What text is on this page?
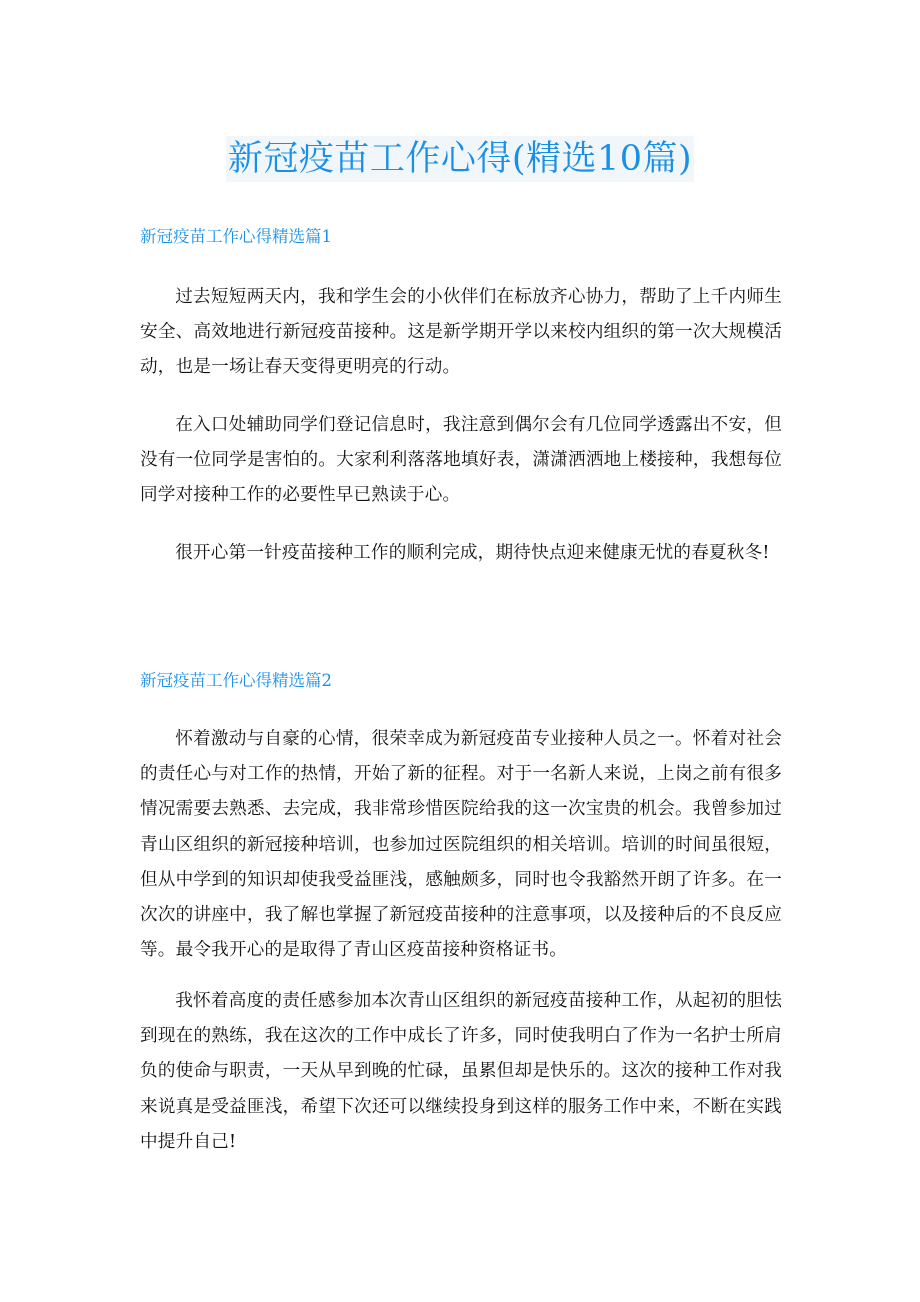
新冠疫苗工作心得(精选10篇)
新冠疫苗工作心得精选篇1

过去短短两天内，我和学生会的小伙伴们在标放齐心协力，帮助了上千内师生安全、高效地进行新冠疫苗接种。这是新学期开学以来校内组织的第一次大规模活动，也是一场让春天变得更明亮的行动。

在入口处辅助同学们登记信息时，我注意到偶尔会有几位同学透露出不安，但没有一位同学是害怕的。大家利利落落地填好表，潇潇洒洒地上楼接种，我想每位同学对接种工作的必要性早已熟读于心。

很开心第一针疫苗接种工作的顺利完成，期待快点迎来健康无忧的春夏秋冬!

新冠疫苗工作心得精选篇2

怀着激动与自豪的心情，很荣幸成为新冠疫苗专业接种人员之一。怀着对社会的责任心与对工作的热情，开始了新的征程。对于一名新人来说，上岗之前有很多情况需要去熟悉、去完成，我非常珍惜医院给我的这一次宝贵的机会。我曾参加过青山区组织的新冠接种培训，也参加过医院组织的相关培训。培训的时间虽很短，但从中学到的知识却使我受益匪浅，感触颇多，同时也令我豁然开朗了许多。在一次次的讲座中，我了解也掌握了新冠疫苗接种的注意事项，以及接种后的不良反应等。最令我开心的是取得了青山区疫苗接种资格证书。

我怀着高度的责任感参加本次青山区组织的新冠疫苗接种工作，从起初的胆怯到现在的熟练，我在这次的工作中成长了许多，同时使我明白了作为一名护士所肩负的使命与职责，一天从早到晚的忙碌，虽累但却是快乐的。这次的接种工作对我来说真是受益匪浅，希望下次还可以继续投身到这样的服务工作中来，不断在实践中提升自己!
